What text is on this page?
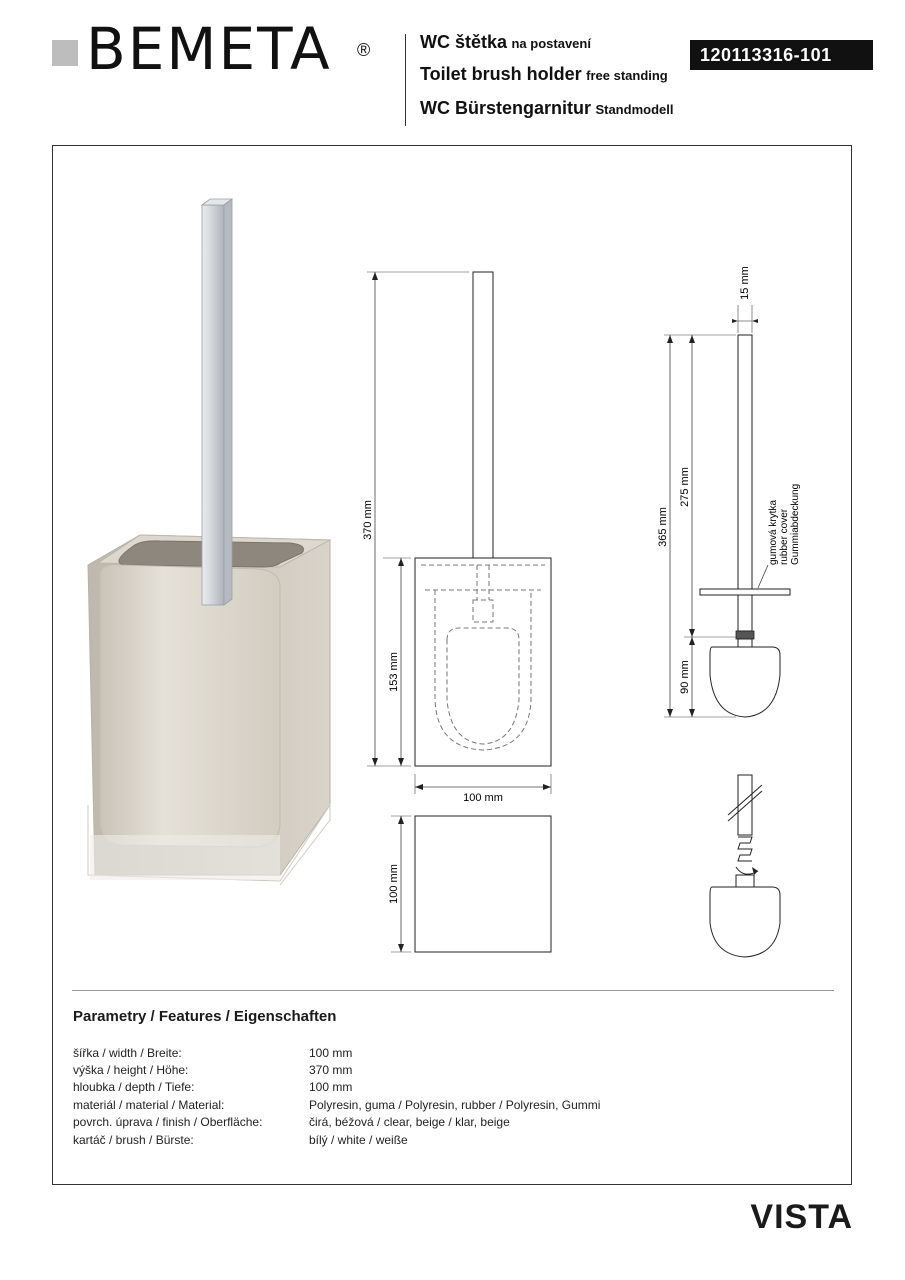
BEMETA ®	WC štětka na postavení
Toilet brush holder free standing
WC Bürstengarnitur Standmodell
120113316-101
370 mm
153 mm
100 mm
100 mm
15 mm
gumová krytka rubber cover Gummiabdeckung
365 mm
275 mm
90 mm
Parametry / Features / Eigenschaften
šířka / width / Breite:	100 mm
výška / height / Höhe:	370 mm
hloubka / depth / Tiefe:	100 mm
materiál / material / Material:	Polyresin, guma / Polyresin, rubber / Polyresin, Gummi
povrch. úprava / finish / Oberfläche:	čirá, béžová / clear, beige / klar, beige
kartáč / brush / Bürste:	bílý / white / weiße
VISTA
